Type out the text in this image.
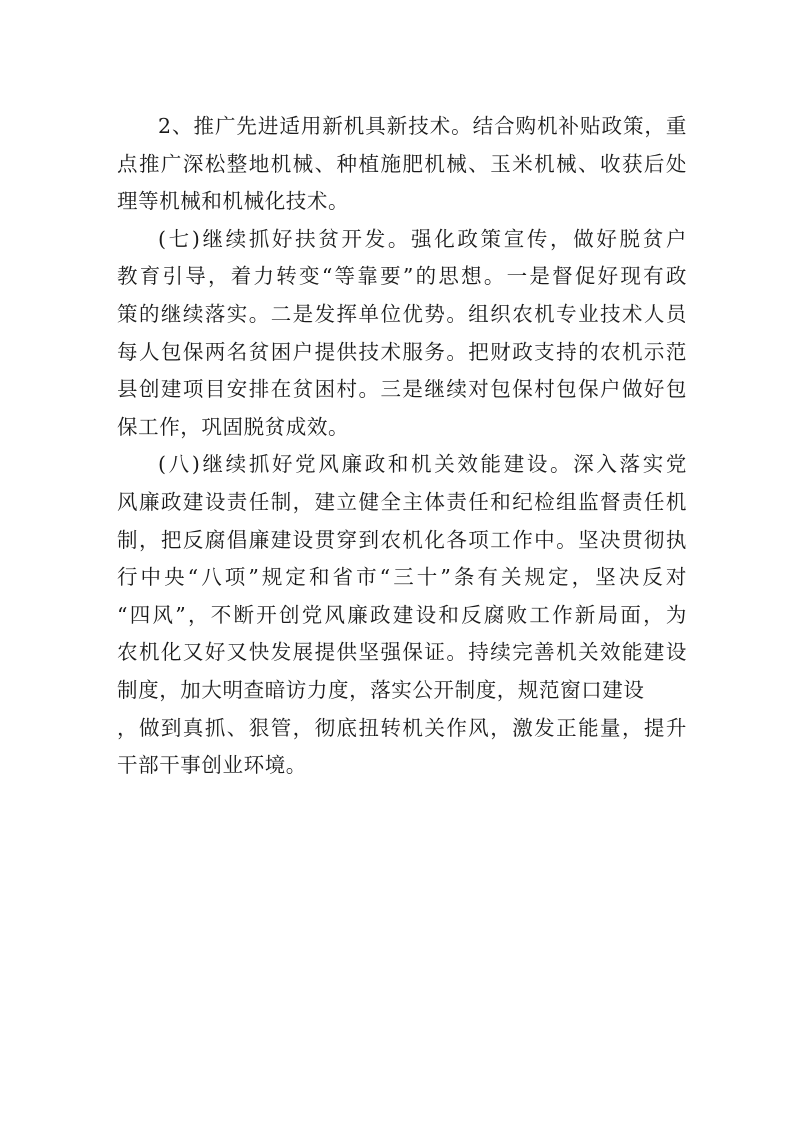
2、推广先进适用新机具新技术。结合购机补贴政策，重
点推广深松整地机械、种植施肥机械、玉米机械、收获后处
理等机械和机械化技术。
(七)继续抓好扶贫开发。强化政策宣传，做好脱贫户
教育引导，着力转变“等靠要”的思想。一是督促好现有政
策的继续落实。二是发挥单位优势。组织农机专业技术人员
每人包保两名贫困户提供技术服务。把财政支持的农机示范
县创建项目安排在贫困村。三是继续对包保村包保户做好包
保工作，巩固脱贫成效。
(八)继续抓好党风廉政和机关效能建设。深入落实党
风廉政建设责任制，建立健全主体责任和纪检组监督责任机
制，把反腐倡廉建设贯穿到农机化各项工作中。坚决贯彻执
行中央“八项”规定和省市“三十”条有关规定，坚决反对
“四风”，不断开创党风廉政建设和反腐败工作新局面，为
农机化又好又快发展提供坚强保证。持续完善机关效能建设
制度，加大明查暗访力度，落实公开制度，规范窗口建设
，做到真抓、狠管，彻底扭转机关作风，激发正能量，提升
干部干事创业环境。
